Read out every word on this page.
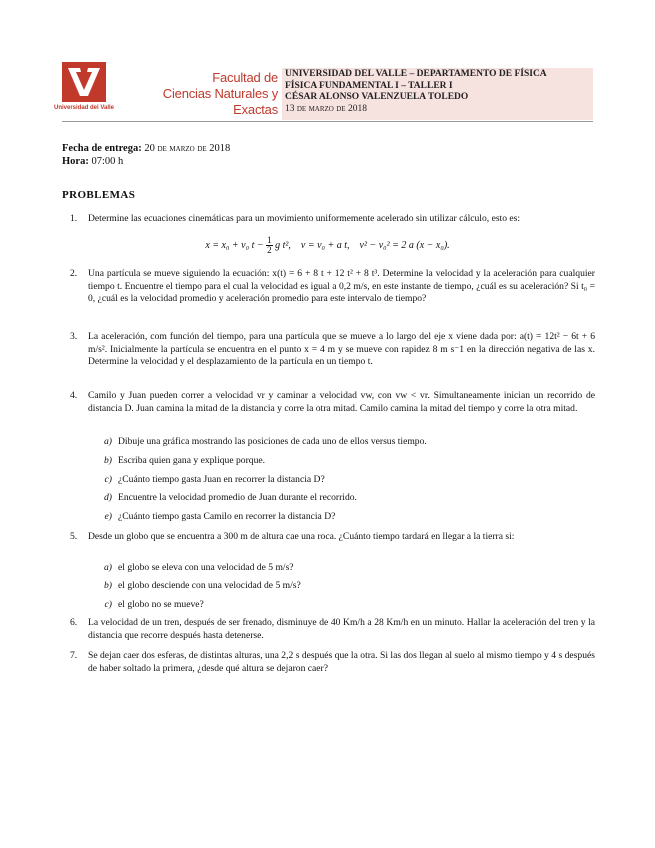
Universidad del Valle
Facultad de
Ciencias Naturales y Exactas
UNIVERSIDAD DEL VALLE – DEPARTAMENTO DE FÍSICA
FÍSICA FUNDAMENTAL I – TALLER I
CÉSAR ALONSO VALENZUELA TOLEDO
13 de marzo de 2018
Fecha de entrega: 20 de marzo de 2018
Hora: 07:00 h
PROBLEMAS
1. Determine las ecuaciones cinemáticas para un movimiento uniformemente acelerado sin utilizar cálculo, esto es:
x = x₀ + v₀ $t - \frac{1}{2}$ g t², v = v₀ + a t, v² − v₀² = 2 a (x − x₀).
2. Una partícula se mueve siguiendo la ecuación: x(t) = 6 + 8 t + 12 t² + 8 t³. Determine la velocidad y la aceleración para cualquier tiempo t. Encuentre el tiempo para el cual la velocidad es igual a 0,2 m/s, en este instante de tiempo, ¿cuál es su aceleración? Si t₀ = 0, ¿cuál es la velocidad promedio y aceleración promedio para este intervalo de tiempo?
3. La aceleración, com función del tiempo, para una partícula que se mueve a lo largo del eje x viene dada por: a(t) = 12t² − 6t + 6 m/s². Inicialmente la partícula se encuentra en el punto x = 4 m y se mueve con rapidez 8 m s⁻1 en la dirección negativa de las x. Determine la velocidad y el desplazamiento de la partícula en un tiempo t.
4. Camilo y Juan pueden correr a velocidad vr y caminar a velocidad vw, con vw < vr. Simultaneamente inician un recorrido de distancia D. Juan camina la mitad de la distancia y corre la otra mitad. Camilo camina la mitad del tiempo y corre la otra mitad.
a) Dibuje una gráfica mostrando las posiciones de cada uno de ellos versus tiempo.
b) Escriba quien gana y explique porque.
c) ¿Cuánto tiempo gasta Juan en recorrer la distancia D?
d) Encuentre la velocidad promedio de Juan durante el recorrido.
e) ¿Cuánto tiempo gasta Camilo en recorrer la distancia D?
5. Desde un globo que se encuentra a 300 m de altura cae una roca. ¿Cuánto tiempo tardará en llegar a la tierra si:
a) el globo se eleva con una velocidad de 5 m/s?
b) el globo desciende con una velocidad de 5 m/s?
c) el globo no se mueve?
6. La velocidad de un tren, después de ser frenado, disminuye de 40 Km/h a 28 Km/h en un minuto. Hallar la aceleración del tren y la distancia que recorre después hasta detenerse.
7. Se dejan caer dos esferas, de distintas alturas, una 2,2 s después que la otra. Si las dos llegan al suelo al mismo tiempo y 4 s después de haber soltado la primera, ¿desde qué altura se dejaron caer?
